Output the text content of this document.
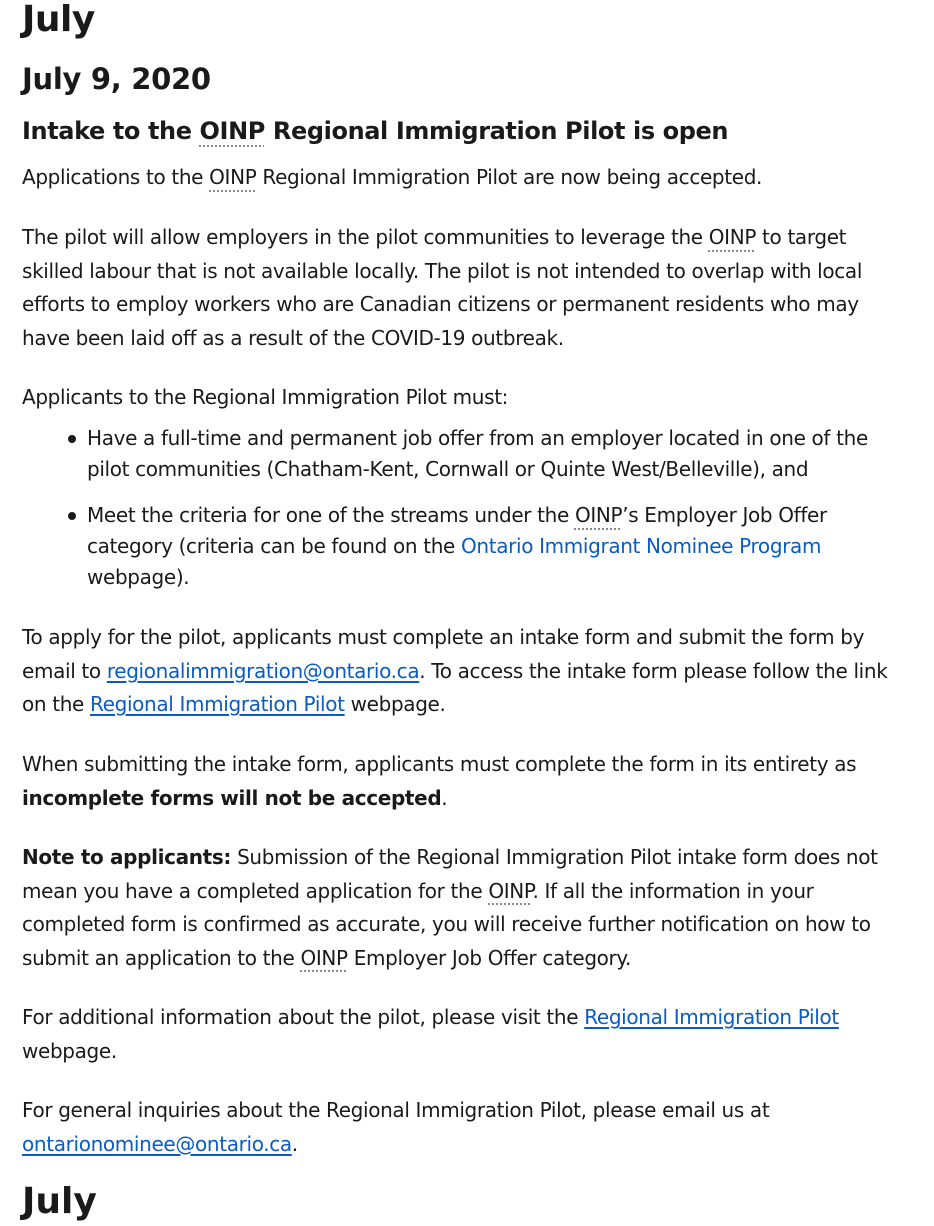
July
July 9, 2020
Intake to the OINP Regional Immigration Pilot is open

Applications to the OINP Regional Immigration Pilot are now being accepted.

The pilot will allow employers in the pilot communities to leverage the OINP to target skilled labour that is not available locally. The pilot is not intended to overlap with local efforts to employ workers who are Canadian citizens or permanent residents who may have been laid off as a result of the COVID-19 outbreak.

Applicants to the Regional Immigration Pilot must:

Have a full-time and permanent job offer from an employer located in one of the pilot communities (Chatham-Kent, Cornwall or Quinte West/Belleville), and
Meet the criteria for one of the streams under the OINP’s Employer Job Offer category (criteria can be found on the Ontario Immigrant Nominee Program webpage).

To apply for the pilot, applicants must complete an intake form and submit the form by email to regionalimmigration@ontario.ca. To access the intake form please follow the link on the Regional Immigration Pilot webpage.

When submitting the intake form, applicants must complete the form in its entirety as incomplete forms will not be accepted.

Note to applicants: Submission of the Regional Immigration Pilot intake form does not mean you have a completed application for the OINP. If all the information in your completed form is confirmed as accurate, you will receive further notification on how to submit an application to the OINP Employer Job Offer category.

For additional information about the pilot, please visit the Regional Immigration Pilot webpage.

For general inquiries about the Regional Immigration Pilot, please email us at ontarionominee@ontario.ca.

July
